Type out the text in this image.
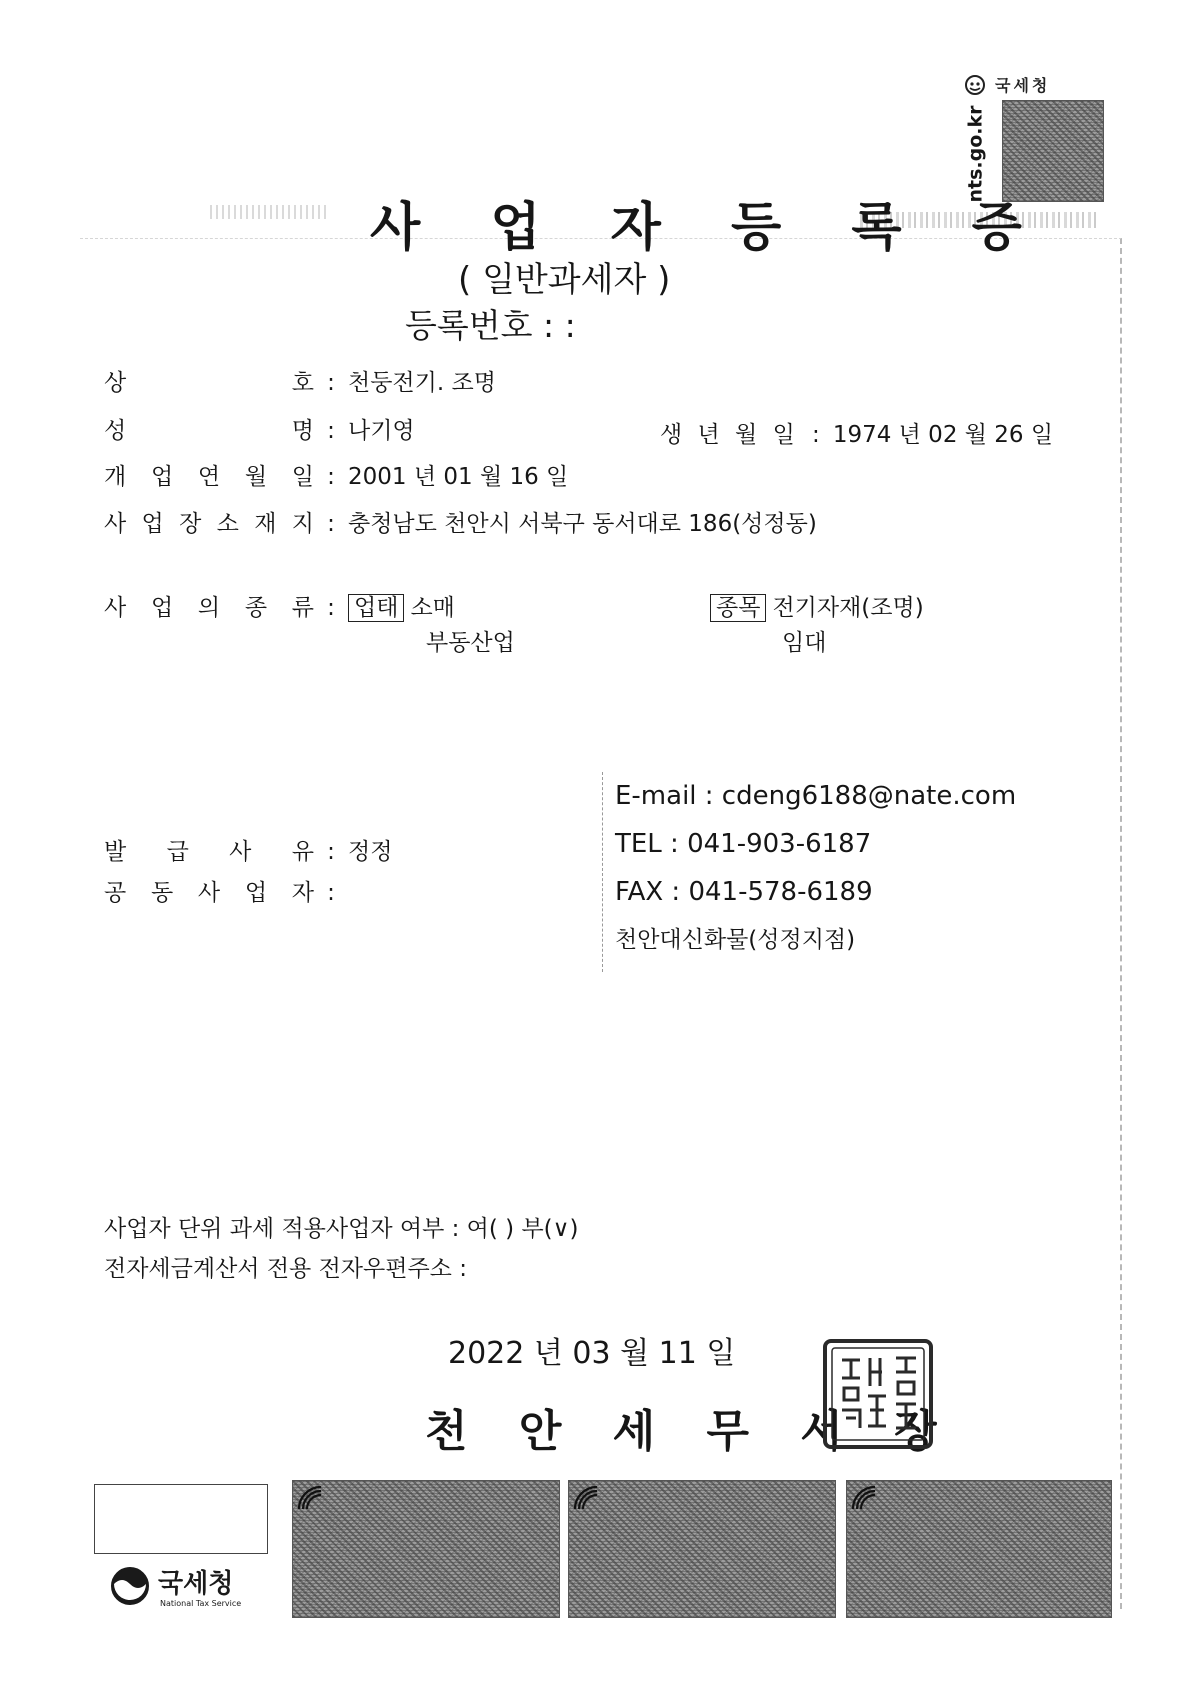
국세청
nts.go.kr
사 업 자 등 록 증
( 일반과세자 )
등록번호 : :
상 호 : 천둥전기. 조명
성 명 : 나기영	생 년 월 일 : 1974 년 02 월 26 일
개 업 연 월 일 : 2001 년 01 월 16 일
사 업 장 소 재 지 : 충청남도 천안시 서북구 동서대로 186(성정동)
사 업 의 종 류 : 업태 소매
부동산업
종목 전기자재(조명)
임대
발 급 사 유 : 정정
공 동 사 업 자 :
E-mail : cdeng6188@nate.com
TEL : 041-903-6187
FAX : 041-578-6189
천안대신화물(성정지점)
사업자 단위 과세 적용사업자 여부 : 여( ) 부(∨)
전자세금계산서 전용 전자우편주소 :
2022 년 03 월 11 일
천 안 세 무 서 장
국세청
National Tax Service
